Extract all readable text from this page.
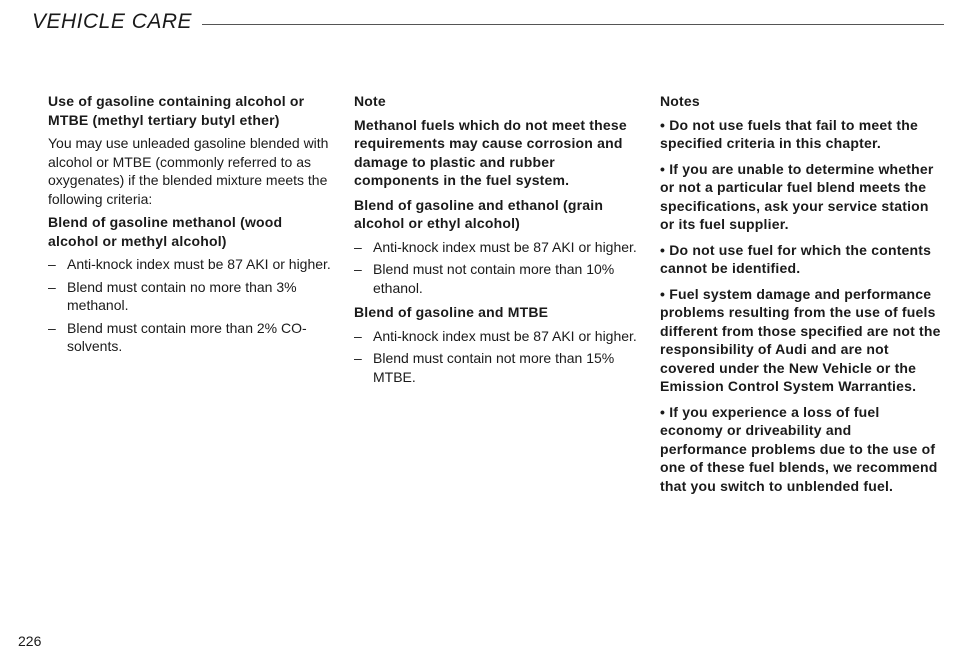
VEHICLE CARE
Use of gasoline containing alcohol or MTBE (methyl tertiary butyl ether)
You may use unleaded gasoline blended with alcohol or MTBE (commonly referred to as oxygenates) if the blended mixture meets the following criteria:
Blend of gasoline methanol (wood alcohol or methyl alcohol)
– Anti-knock index must be 87 AKI or higher.
– Blend must contain no more than 3% methanol.
– Blend must contain more than 2% CO-solvents.
Note
Methanol fuels which do not meet these requirements may cause corrosion and damage to plastic and rubber components in the fuel system.
Blend of gasoline and ethanol (grain alcohol or ethyl alcohol)
– Anti-knock index must be 87 AKI or higher.
– Blend must not contain more than 10% ethanol.
Blend of gasoline and MTBE
– Anti-knock index must be 87 AKI or higher.
– Blend must contain not more than 15% MTBE.
Notes
• Do not use fuels that fail to meet the specified criteria in this chapter.
• If you are unable to determine whether or not a particular fuel blend meets the specifications, ask your service station or its fuel supplier.
• Do not use fuel for which the contents cannot be identified.
• Fuel system damage and performance problems resulting from the use of fuels different from those specified are not the responsibility of Audi and are not covered under the New Vehicle or the Emission Control System Warranties.
• If you experience a loss of fuel economy or driveability and performance problems due to the use of one of these fuel blends, we recommend that you switch to unblended fuel.
226
